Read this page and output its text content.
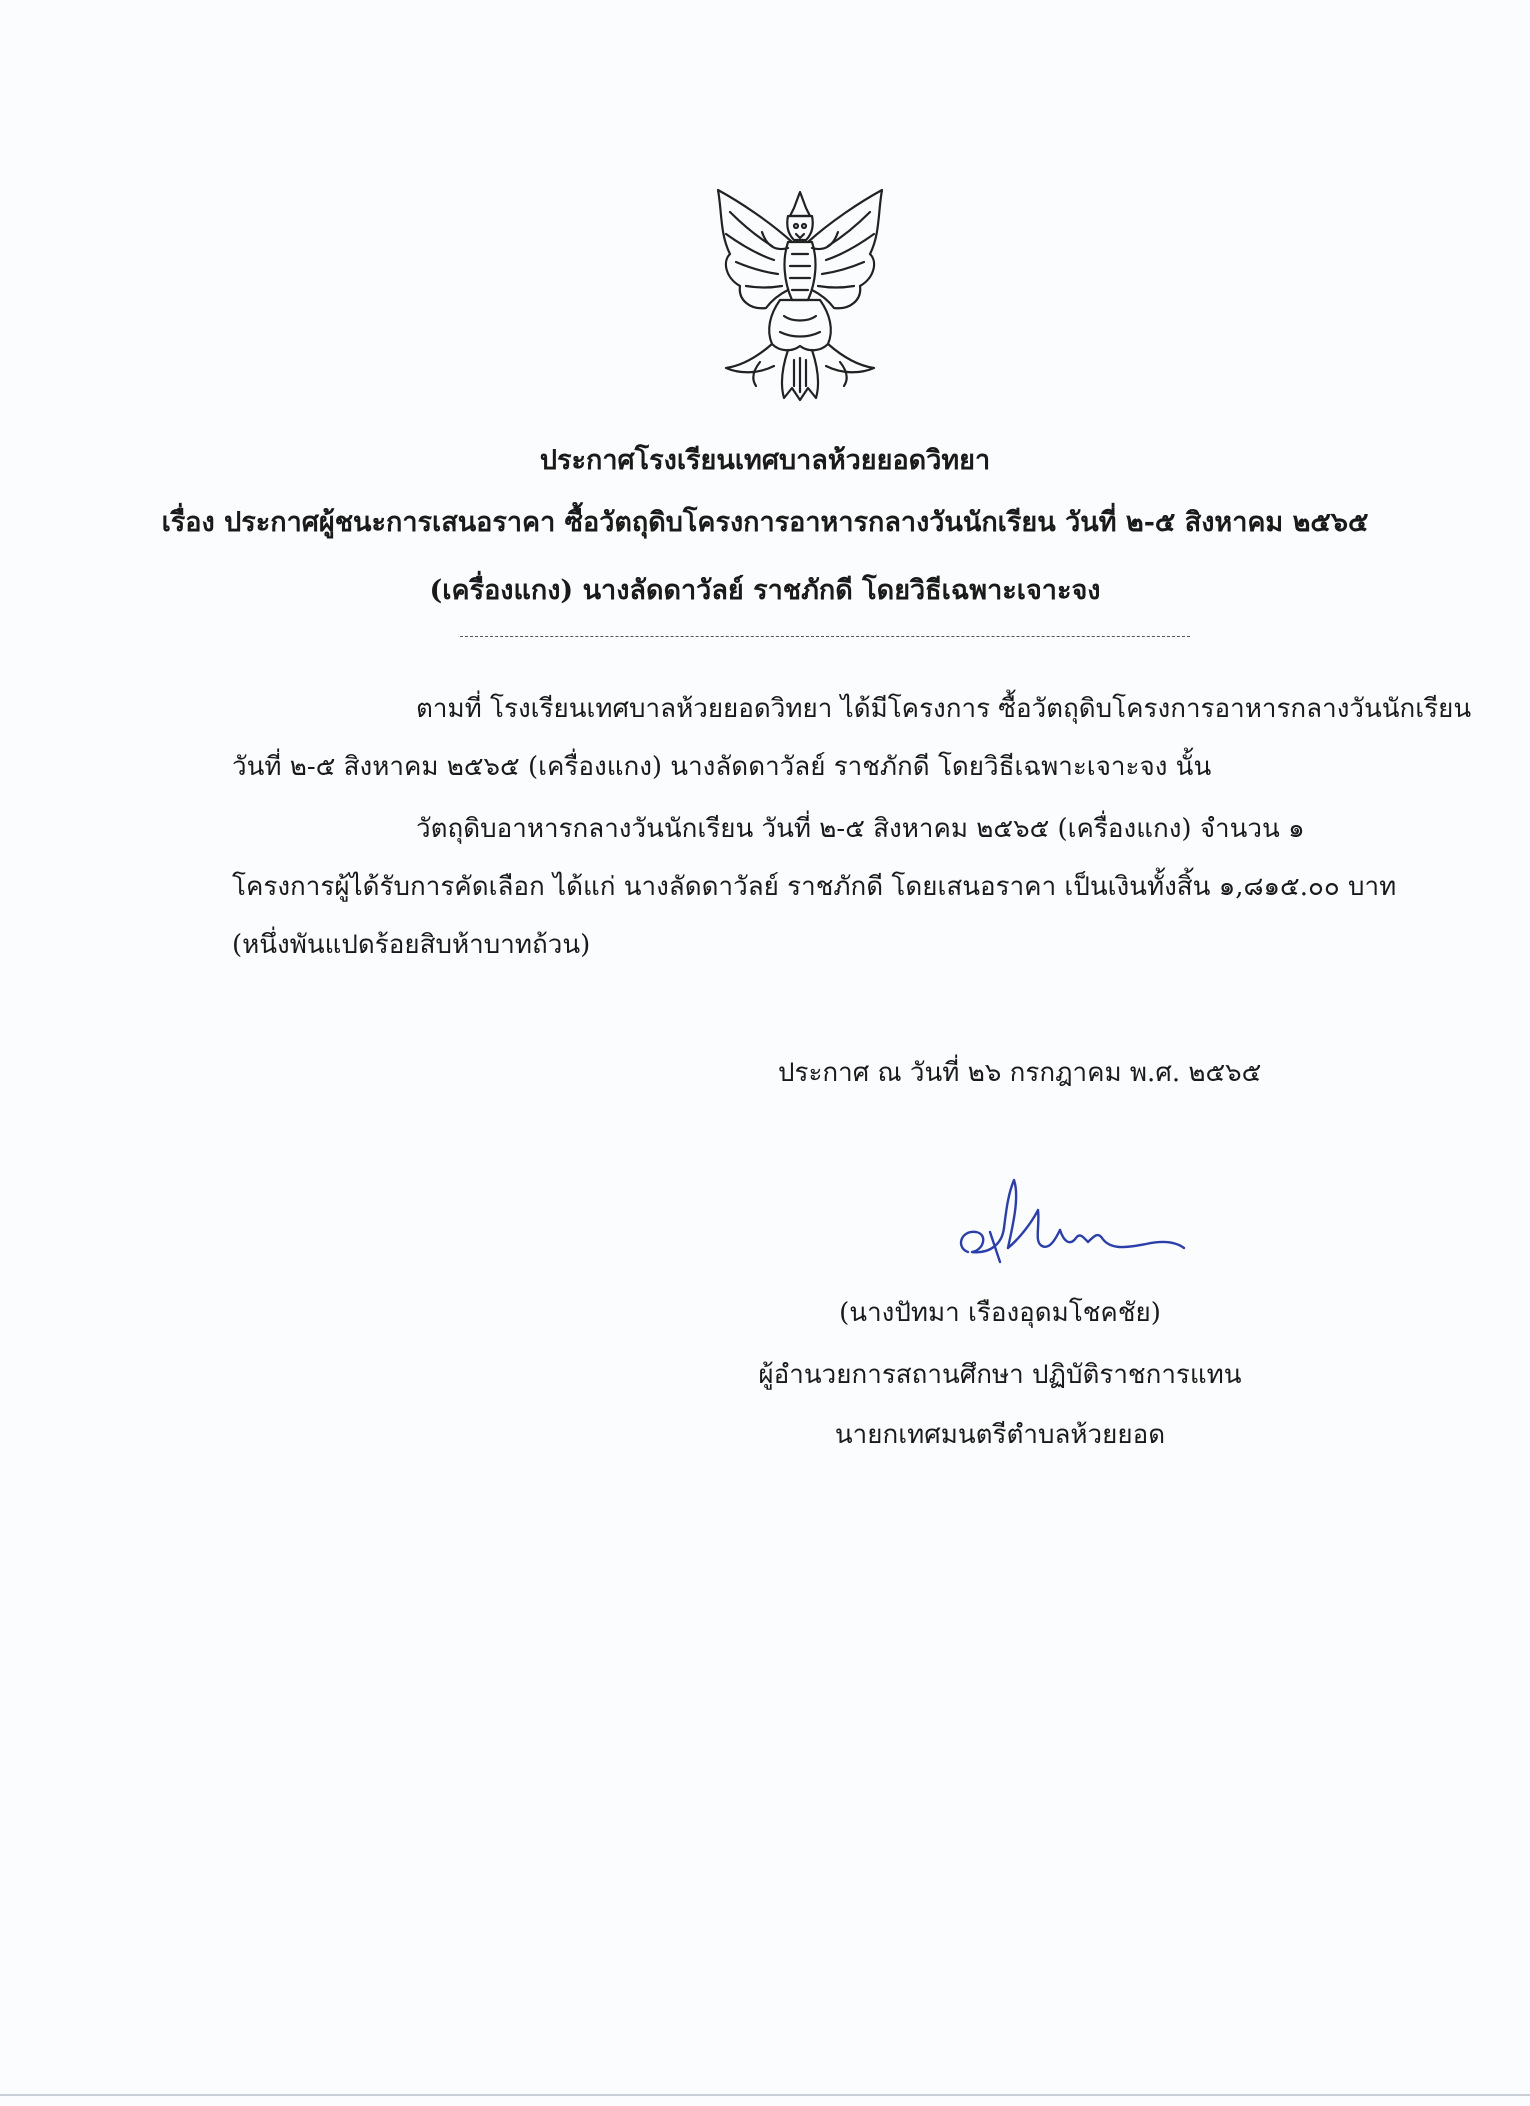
ประกาศโรงเรียนเทศบาลห้วยยอดวิทยา
เรื่อง ประกาศผู้ชนะการเสนอราคา ซื้อวัตถุดิบโครงการอาหารกลางวันนักเรียน วันที่ ๒-๕ สิงหาคม ๒๕๖๕
(เครื่องแกง) นางลัดดาวัลย์ ราชภักดี โดยวิธีเฉพาะเจาะจง
ตามที่ โรงเรียนเทศบาลห้วยยอดวิทยา ได้มีโครงการ ซื้อวัตถุดิบโครงการอาหารกลางวันนักเรียน
วันที่ ๒-๕ สิงหาคม ๒๕๖๕ (เครื่องแกง) นางลัดดาวัลย์ ราชภักดี โดยวิธีเฉพาะเจาะจง นั้น
วัตถุดิบอาหารกลางวันนักเรียน วันที่ ๒-๕ สิงหาคม ๒๕๖๕ (เครื่องแกง) จำนวน ๑
โครงการผู้ได้รับการคัดเลือก ได้แก่ นางลัดดาวัลย์ ราชภักดี โดยเสนอราคา เป็นเงินทั้งสิ้น ๑,๘๑๕.๐๐ บาท
(หนึ่งพันแปดร้อยสิบห้าบาทถ้วน)
ประกาศ ณ วันที่ ๒๖ กรกฎาคม พ.ศ. ๒๕๖๕
(นางปัทมา เรืองอุดมโชคชัย)
ผู้อำนวยการสถานศึกษา ปฏิบัติราชการแทน
นายกเทศมนตรีตำบลห้วยยอด
